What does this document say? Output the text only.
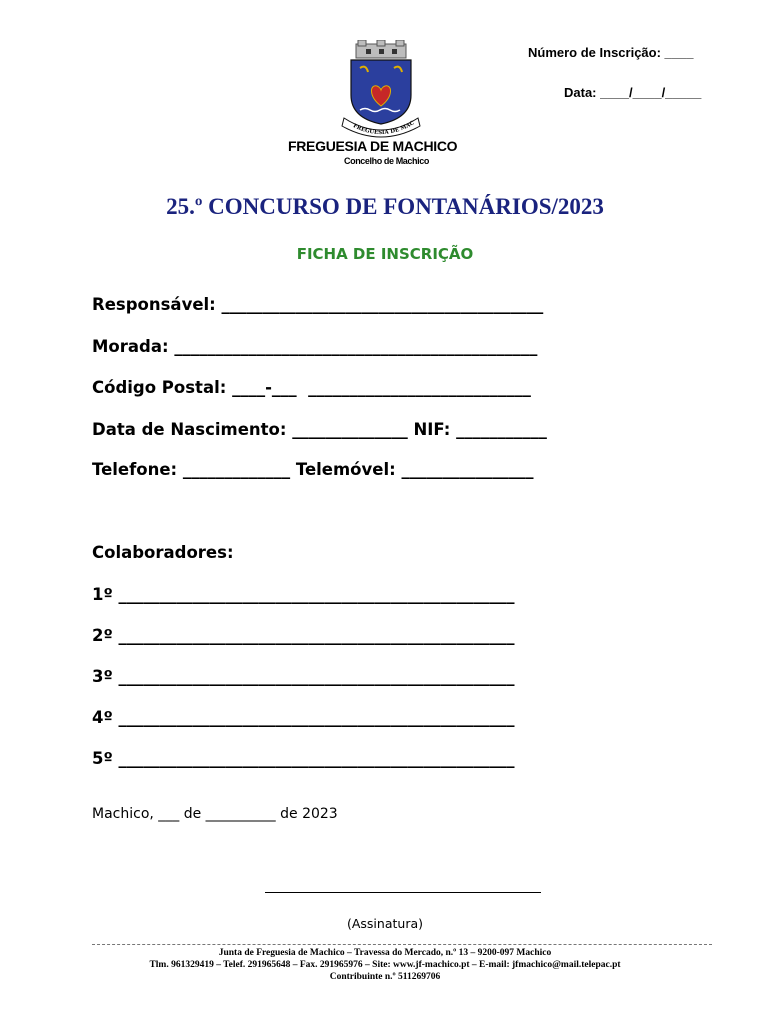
Número de Inscrição: ____
Data: ____/____/_____
FREGUESIA DE MAC
FREGUESIA DE MACHICO
Concelho de Machico
25.º CONCURSO DE FONTANÁRIOS/2023
FICHA DE INSCRIÇÃO
Responsável: _______________________________________
Morada: ____________________________________________
Código Postal: ____-___  ___________________________
Data de Nascimento: ______________ NIF: ___________
Telefone: _____________ Telemóvel: ________________
Colaboradores:
1º ________________________________________________
2º ________________________________________________
3º ________________________________________________
4º ________________________________________________
5º ________________________________________________
Machico, ___ de __________ de 2023
(Assinatura)
Junta de Freguesia de Machico – Travessa do Mercado, n.º 13 – 9200-097 Machico
Tlm. 961329419 – Telef. 291965648 – Fax. 291965976 – Site: www.jf-machico.pt – E-mail: jfmachico@mail.telepac.pt
Contribuinte n.º 511269706
